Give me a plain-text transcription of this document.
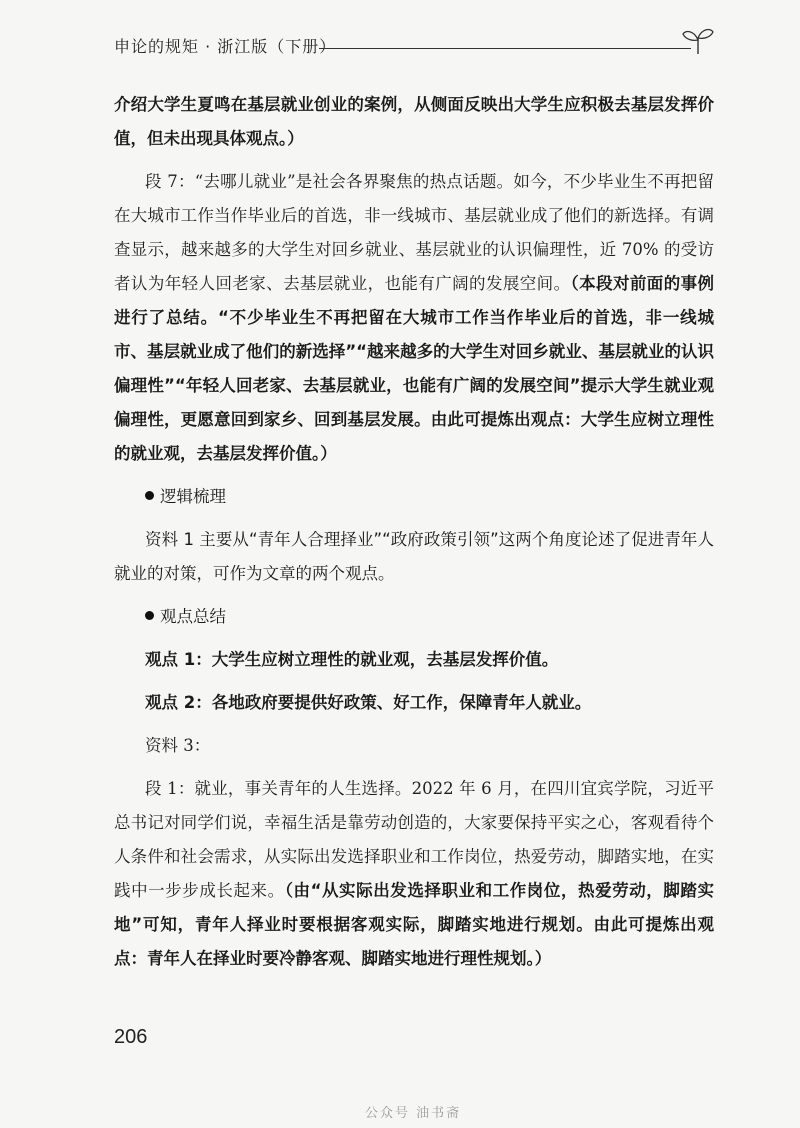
申论的规矩 · 浙江版（下册）

介绍大学生夏鸣在基层就业创业的案例，从侧面反映出大学生应积极去基层发挥价值，但未出现具体观点。）

段 7：“去哪儿就业”是社会各界聚焦的热点话题。如今，不少毕业生不再把留在大城市工作当作毕业后的首选，非一线城市、基层就业成了他们的新选择。有调查显示，越来越多的大学生对回乡就业、基层就业的认识偏理性，近 70% 的受访者认为年轻人回老家、去基层就业，也能有广阔的发展空间。（本段对前面的事例进行了总结。“不少毕业生不再把留在大城市工作当作毕业后的首选，非一线城市、基层就业成了他们的新选择”“越来越多的大学生对回乡就业、基层就业的认识偏理性”“年轻人回老家、去基层就业，也能有广阔的发展空间”提示大学生就业观偏理性，更愿意回到家乡、回到基层发展。由此可提炼出观点：大学生应树立理性的就业观，去基层发挥价值。）

逻辑梳理

资料 1 主要从“青年人合理择业”“政府政策引领”这两个角度论述了促进青年人就业的对策，可作为文章的两个观点。

观点总结

观点 1：大学生应树立理性的就业观，去基层发挥价值。

观点 2：各地政府要提供好政策、好工作，保障青年人就业。

资料 3：

段 1：就业，事关青年的人生选择。2022 年 6 月，在四川宜宾学院，习近平总书记对同学们说，幸福生活是靠劳动创造的，大家要保持平实之心，客观看待个人条件和社会需求，从实际出发选择职业和工作岗位，热爱劳动，脚踏实地，在实践中一步步成长起来。（由“从实际出发选择职业和工作岗位，热爱劳动，脚踏实地”可知，青年人择业时要根据客观实际，脚踏实地进行规划。由此可提炼出观点：青年人在择业时要冷静客观、脚踏实地进行理性规划。）

206
公众号 油书斋
